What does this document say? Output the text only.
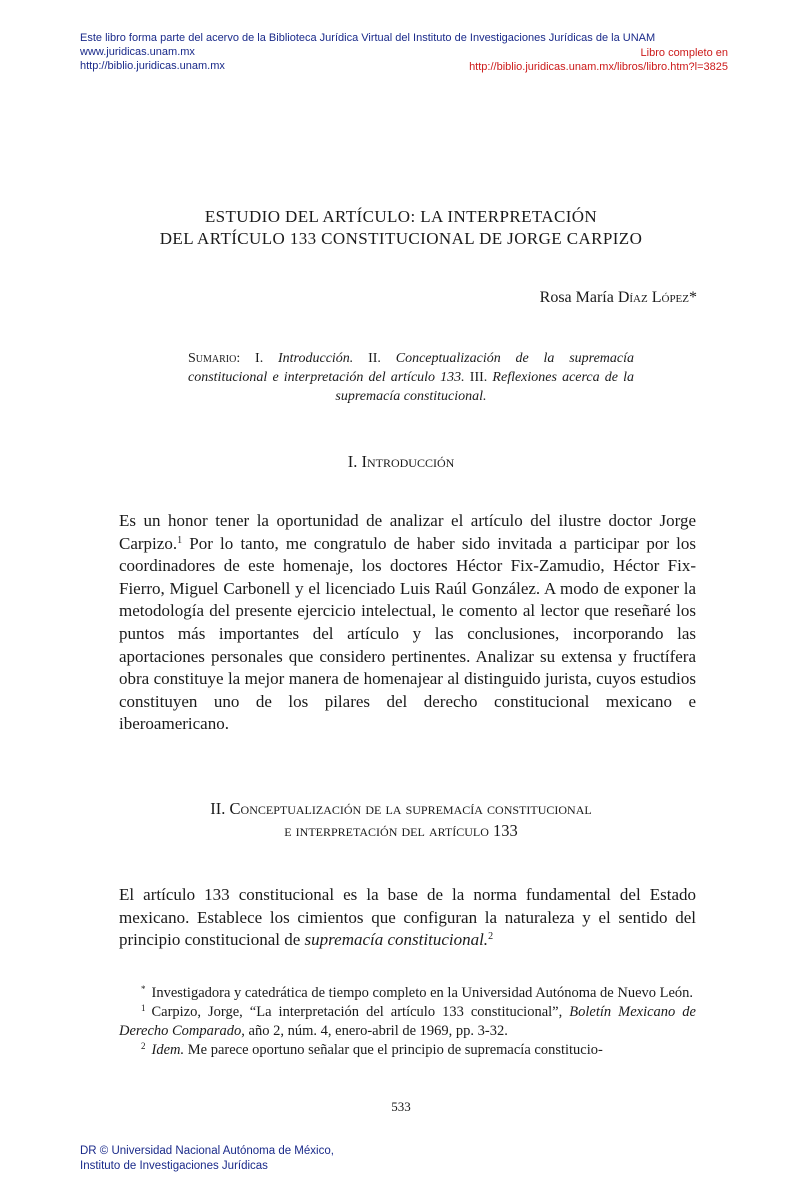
Este libro forma parte del acervo de la Biblioteca Jurídica Virtual del Instituto de Investigaciones Jurídicas de la UNAM
www.juridicas.unam.mx
http://biblio.juridicas.unam.mx
Libro completo en
http://biblio.juridicas.unam.mx/libros/libro.htm?l=3825
ESTUDIO DEL ARTÍCULO: LA INTERPRETACIÓN
DEL ARTÍCULO 133 CONSTITUCIONAL DE JORGE CARPIZO
Rosa María Díaz López*
Sumario: I. Introducción. II. Conceptualización de la supremacía constitucional e interpretación del artículo 133. III. Reflexiones acerca de la supremacía constitucional.
I. Introducción
Es un honor tener la oportunidad de analizar el artículo del ilustre doctor Jorge Carpizo.$^1$ Por lo tanto, me congratulo de haber sido invitada a participar por los coordinadores de este homenaje, los doctores Héctor Fix-Zamudio, Héctor Fix-Fierro, Miguel Carbonell y el licenciado Luis Raúl González. A modo de exponer la metodología del presente ejercicio intelectual, le comento al lector que reseñaré los puntos más importantes del artículo y las conclusiones, incorporando las aportaciones personales que considero pertinentes. Analizar su extensa y fructífera obra constituye la mejor manera de homenajear al distinguido jurista, cuyos estudios constituyen uno de los pilares del derecho constitucional mexicano e iberoamericano.
II. Conceptualización de la supremacía constitucional
e interpretación del artículo 133
El artículo 133 constitucional es la base de la norma fundamental del Estado mexicano. Establece los cimientos que configuran la naturaleza y el sentido del principio constitucional de supremacía constitucional.$^2$

* Investigadora y catedrática de tiempo completo en la Universidad Autónoma de Nuevo León.

$^1$ Carpizo, Jorge, “La interpretación del artículo 133 constitucional”, Boletín Mexicano de Derecho Comparado, año 2, núm. 4, enero-abril de 1969, pp. 3-32.

$^2$ Idem. Me parece oportuno señalar que el principio de supremacía constitucio-

533
DR © Universidad Nacional Autónoma de México,
Instituto de Investigaciones Jurídicas
